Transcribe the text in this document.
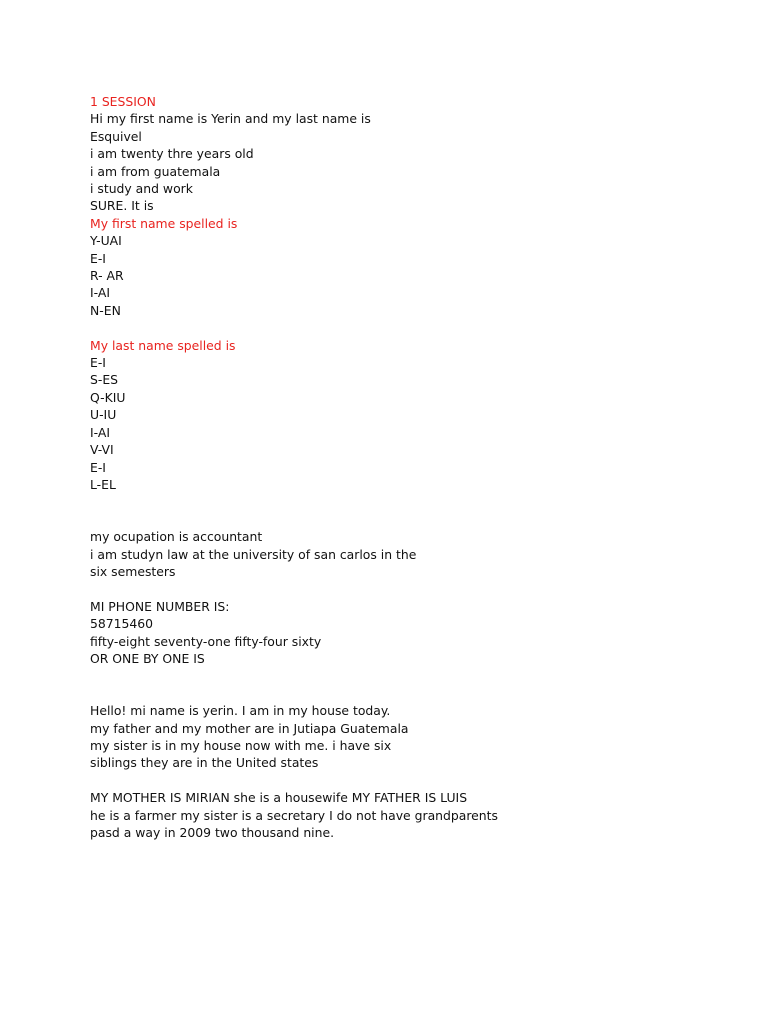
1 SESSION
Hi my first name is Yerin and my last name is
Esquivel
i am twenty thre years old
i am from guatemala
i study and work
SURE. It is
My first name spelled is
Y-UAI
E-I
R- AR
I-AI
N-EN
My last name spelled is
E-I
S-ES
Q-KIU
U-IU
I-AI
V-VI
E-I
L-EL
my ocupation is accountant
i am studyn law at the university of san carlos in the
six semesters
MI PHONE NUMBER IS:
58715460
fifty-eight seventy-one fifty-four sixty
OR ONE BY ONE IS
Hello! mi name is yerin. I am in my house today.
my father and my mother are in Jutiapa Guatemala
my sister is in my house now with me. i have six
siblings they are in the United states
MY MOTHER IS MIRIAN she is a housewife MY FATHER IS LUIS
he is a farmer my sister is a secretary I do not have grandparents
pasd a way in 2009 two thousand nine.
